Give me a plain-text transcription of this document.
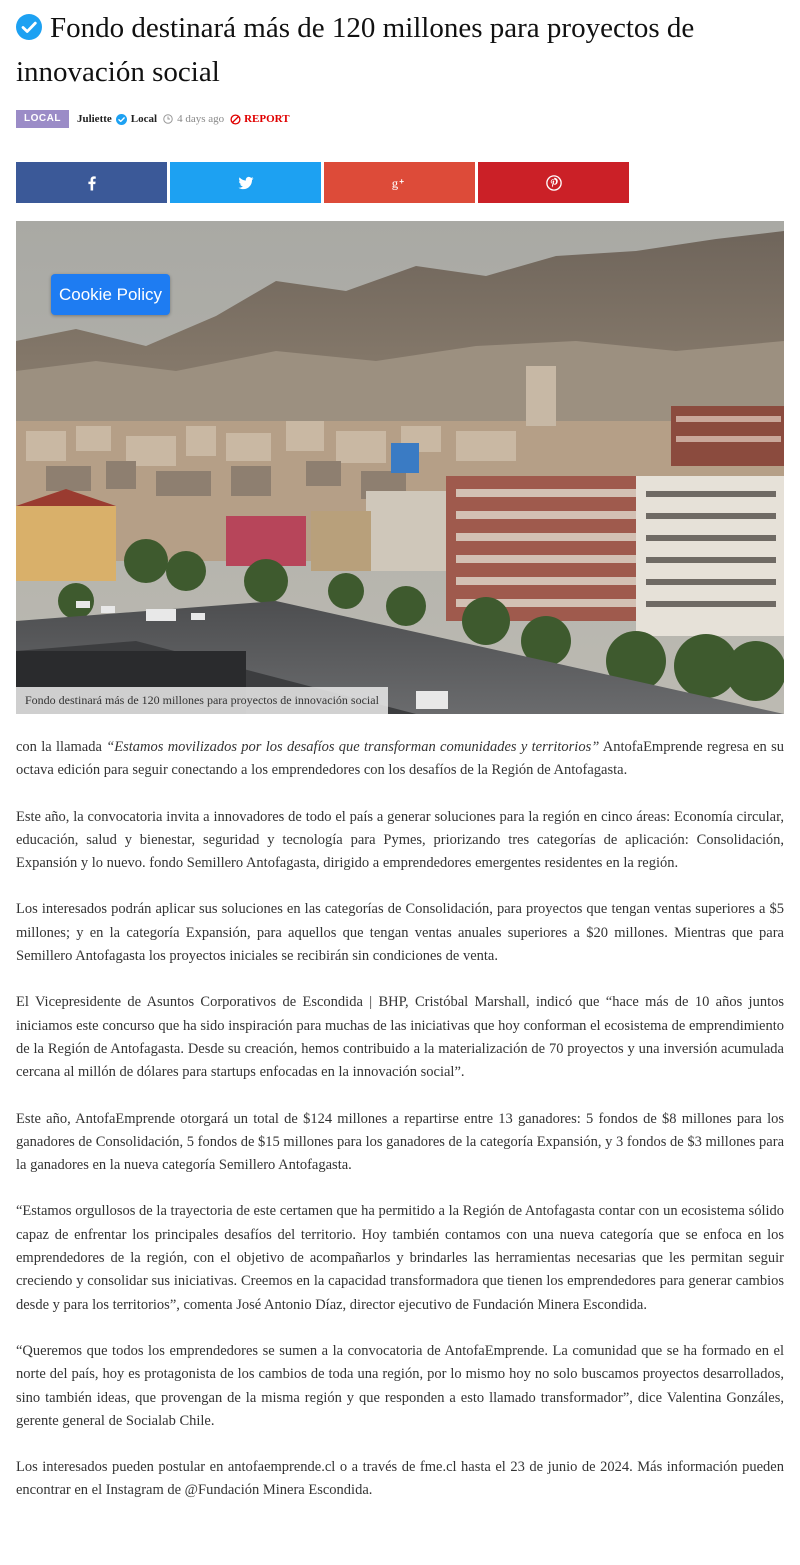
Fondo destinará más de 120 millones para proyectos de innovación social
LOCAL	Juliette Local 4 days ago REPORT
g +
Cookie Policy
Fondo destinará más de 120 millones para proyectos de innovación social

con la llamada “Estamos movilizados por los desafíos que transforman comunidades y territorios” AntofaEmprende regresa en su octava edición para seguir conectando a los emprendedores con los desafíos de la Región de Antofagasta.

Este año, la convocatoria invita a innovadores de todo el país a generar soluciones para la región en cinco áreas: Economía circular, educación, salud y bienestar, seguridad y tecnología para Pymes, priorizando tres categorías de aplicación: Consolidación, Expansión y lo nuevo. fondo Semillero Antofagasta, dirigido a emprendedores emergentes residentes en la región.

Los interesados podrán aplicar sus soluciones en las categorías de Consolidación, para proyectos que tengan ventas superiores a $5 millones; y en la categoría Expansión, para aquellos que tengan ventas anuales superiores a $20 millones. Mientras que para Semillero Antofagasta los proyectos iniciales se recibirán sin condiciones de venta.

El Vicepresidente de Asuntos Corporativos de Escondida | BHP, Cristóbal Marshall, indicó que “hace más de 10 años juntos iniciamos este concurso que ha sido inspiración para muchas de las iniciativas que hoy conforman el ecosistema de emprendimiento de la Región de Antofagasta. Desde su creación, hemos contribuido a la materialización de 70 proyectos y una inversión acumulada cercana al millón de dólares para startups enfocadas en la innovación social”.

Este año, AntofaEmprende otorgará un total de $124 millones a repartirse entre 13 ganadores: 5 fondos de $8 millones para los ganadores de Consolidación, 5 fondos de $15 millones para los ganadores de la categoría Expansión, y 3 fondos de $3 millones para la ganadores en la nueva categoría Semillero Antofagasta.

“Estamos orgullosos de la trayectoria de este certamen que ha permitido a la Región de Antofagasta contar con un ecosistema sólido capaz de enfrentar los principales desafíos del territorio. Hoy también contamos con una nueva categoría que se enfoca en los emprendedores de la región, con el objetivo de acompañarlos y brindarles las herramientas necesarias que les permitan seguir creciendo y consolidar sus iniciativas. Creemos en la capacidad transformadora que tienen los emprendedores para generar cambios desde y para los territorios”, comenta José Antonio Díaz, director ejecutivo de Fundación Minera Escondida.

“Queremos que todos los emprendedores se sumen a la convocatoria de AntofaEmprende. La comunidad que se ha formado en el norte del país, hoy es protagonista de los cambios de toda una región, por lo mismo hoy no solo buscamos proyectos desarrollados, sino también ideas, que provengan de la misma región y que responden a esto llamado transformador”, dice Valentina Gonzáles, gerente general de Socialab Chile.

Los interesados pueden postular en antofaemprende.cl o a través de fme.cl hasta el 23 de junio de 2024. Más información pueden encontrar en el Instagram de @Fundación Minera Escondida.
